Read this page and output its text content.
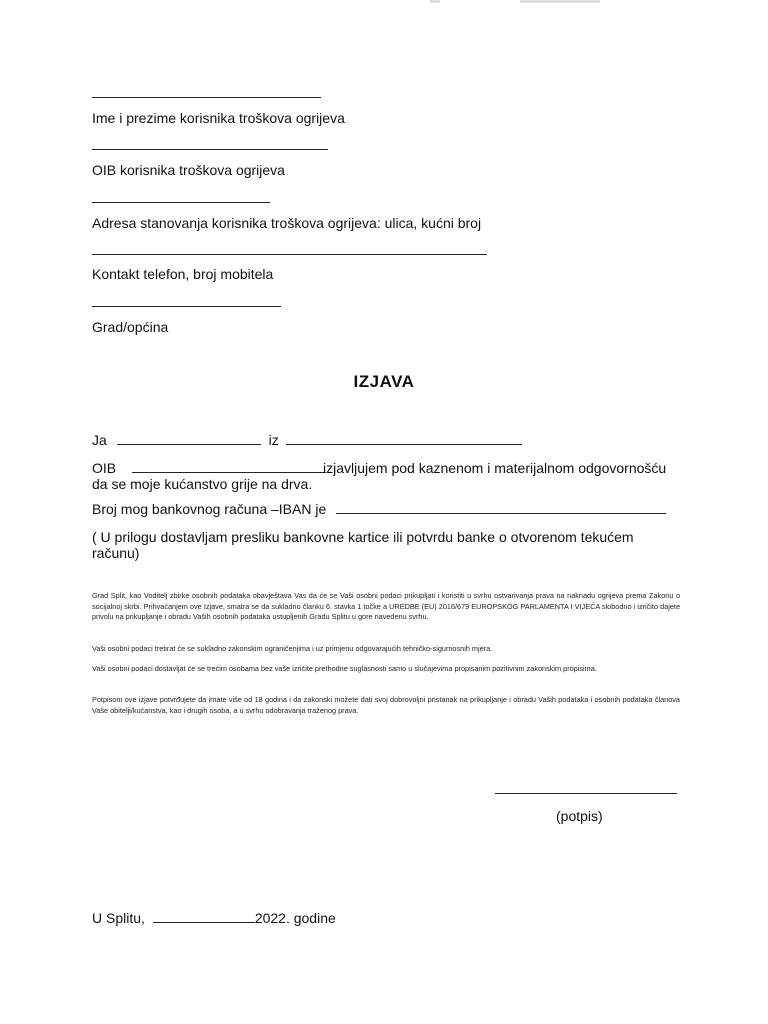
Ime i prezime korisnika troškova ogrijeva
OIB korisnika troškova ogrijeva
Adresa stanovanja korisnika troškova ogrijeva: ulica, kućni broj
Kontakt telefon, broj mobitela
Grad/općina
IZJAVA
Ja	iz
OIB	izjavljujem pod kaznenom i materijalnom odgovornošću
da se moje kućanstvo grije na drva.
Broj mog bankovnog računa –IBAN je
( U prilogu dostavljam presliku bankovne kartice ili potvrdu banke o otvorenom tekućem
računu)
Grad Split, kao Voditelj zbirke osobnih podataka obavještava Vas da će se Vaši osobni podaci prikupljati i koristiti u svrhu ostvarivanja prava na naknadu ogrijeva prema Zakonu o socijalnoj skrbi. Prihvaćanjem ove Izjave, smatra se da sukladno članku 6. stavka 1 točke a UREDBE (EU) 2016/679 EUROPSKOG PARLAMENTA I VIJEĆA slobodno i izričito dajete privolu na prikupljanje i obradu Vaših osobnih podataka ustupljenih Gradu Splitu u gore navedenu svrhu.
Vaši osobni podaci tretirat će se sukladno zakonskim ograničenjima i uz primjenu odgovarajućih tehničko-sigurnosnih mjera.
Vaši osobni podaci dostavljat će se trećim osobama bez vaše izričite prethodne suglasnosti samo u slučajevima propisanim pozitivnim zakonskim propisima.
Potpisom ove izjave potvrđujete da imate više od 18 godina i da zakonski možete dati svoj dobrovoljni pristanak na prikupljanje i obradu Vaših podataka i osobnih podataka članova Vaše obitelji/kućanstva, kao i drugih osoba, a u svrhu odobravanja traženog prava.
(potpis)
U Splitu,	2022. godine
